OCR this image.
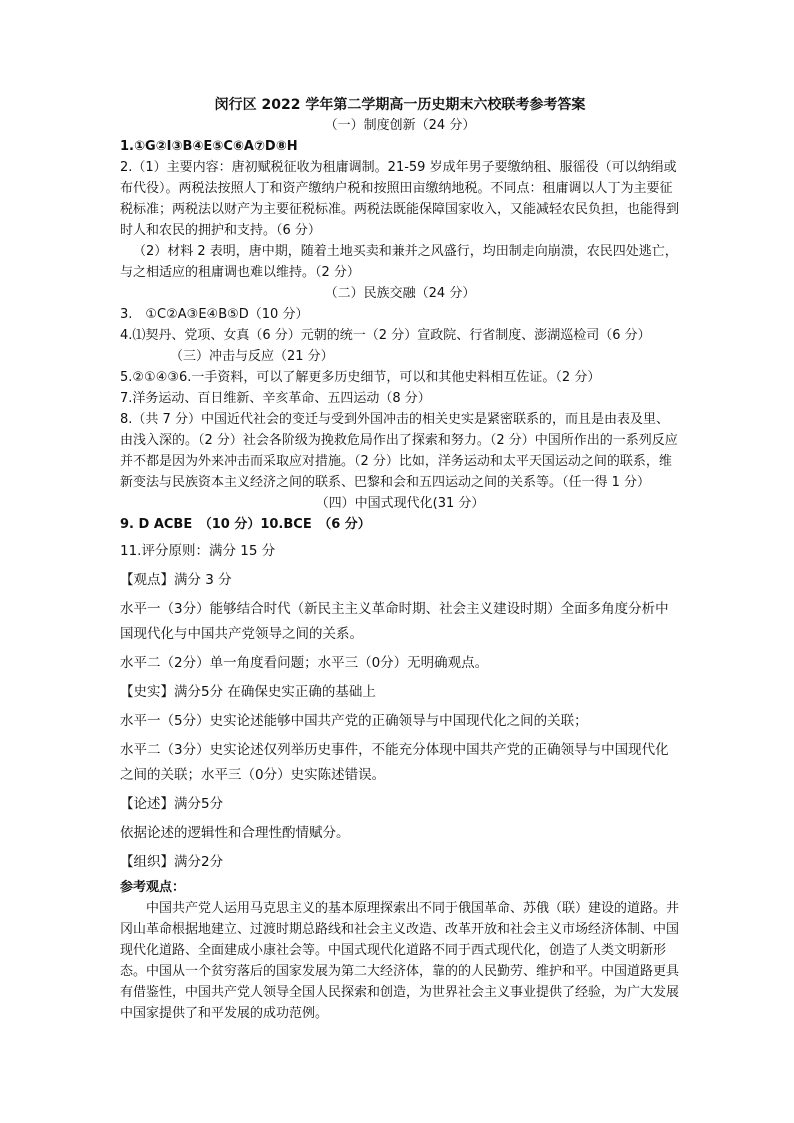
闵行区 2022 学年第二学期高一历史期末六校联考参考答案

（一）制度创新（24 分）

1.①G②I③B④E⑤C⑥A⑦D⑧H

2.（1）主要内容：唐初赋税征收为租庸调制。21-59 岁成年男子要缴纳租、服徭役（可以纳绢或布代役）。两税法按照人丁和资产缴纳户税和按照田亩缴纳地税。不同点：租庸调以人丁为主要征税标准；两税法以财产为主要征税标准。两税法既能保障国家收入，又能减轻农民负担，也能得到时人和农民的拥护和支持。（6 分）

（2）材料 2 表明，唐中期，随着土地买卖和兼并之风盛行，均田制走向崩溃，农民四处逃亡，与之相适应的租庸调也难以维持。（2 分）

（二）民族交融（24 分）

3.　①C②A③E④B⑤D（10 分）

4.⑴契丹、党项、女真（6 分）元朝的统一（2 分）宣政院、行省制度、澎湖巡检司（6 分）

（三）冲击与反应（21 分）

5.②①④③6.一手资料，可以了解更多历史细节，可以和其他史料相互佐证。（2 分）

7.洋务运动、百日维新、辛亥革命、五四运动（8 分）

8.（共 7 分）中国近代社会的变迁与受到外国冲击的相关史实是紧密联系的，而且是由表及里、由浅入深的。（2 分）社会各阶级为挽救危局作出了探索和努力。（2 分）中国所作出的一系列反应并不都是因为外来冲击而采取应对措施。（2 分）比如，洋务运动和太平天国运动之间的联系，维新变法与民族资本主义经济之间的联系、巴黎和会和五四运动之间的关系等。（任一得 1 分）

（四）中国式现代化(31 分）

9. D ACBE　（10 分）10.BCE　（6 分）

11.评分原则：满分 15 分

【观点】满分 3 分

水平一（3分）能够结合时代（新民主主义革命时期、社会主义建设时期）全面多角度分析中国现代化与中国共产党领导之间的关系。

水平二（2分）单一角度看问题；水平三（0分）无明确观点。

【史实】满分5分 在确保史实正确的基础上

水平一（5分）史实论述能够中国共产党的正确领导与中国现代化之间的关联；

水平二（3分）史实论述仅列举历史事件，不能充分体现中国共产党的正确领导与中国现代化之间的关联；水平三（0分）史实陈述错误。

【论述】满分5分

依据论述的逻辑性和合理性酌情赋分。

【组织】满分2分

参考观点：

中国共产党人运用马克思主义的基本原理探索出不同于俄国革命、苏俄（联）建设的道路。井冈山革命根据地建立、过渡时期总路线和社会主义改造、改革开放和社会主义市场经济体制、中国现代化道路、全面建成小康社会等。中国式现代化道路不同于西式现代化，创造了人类文明新形态。中国从一个贫穷落后的国家发展为第二大经济体，靠的的人民勤劳、维护和平。中国道路更具有借鉴性，中国共产党人领导全国人民探索和创造，为世界社会主义事业提供了经验，为广大发展中国家提供了和平发展的成功范例。
